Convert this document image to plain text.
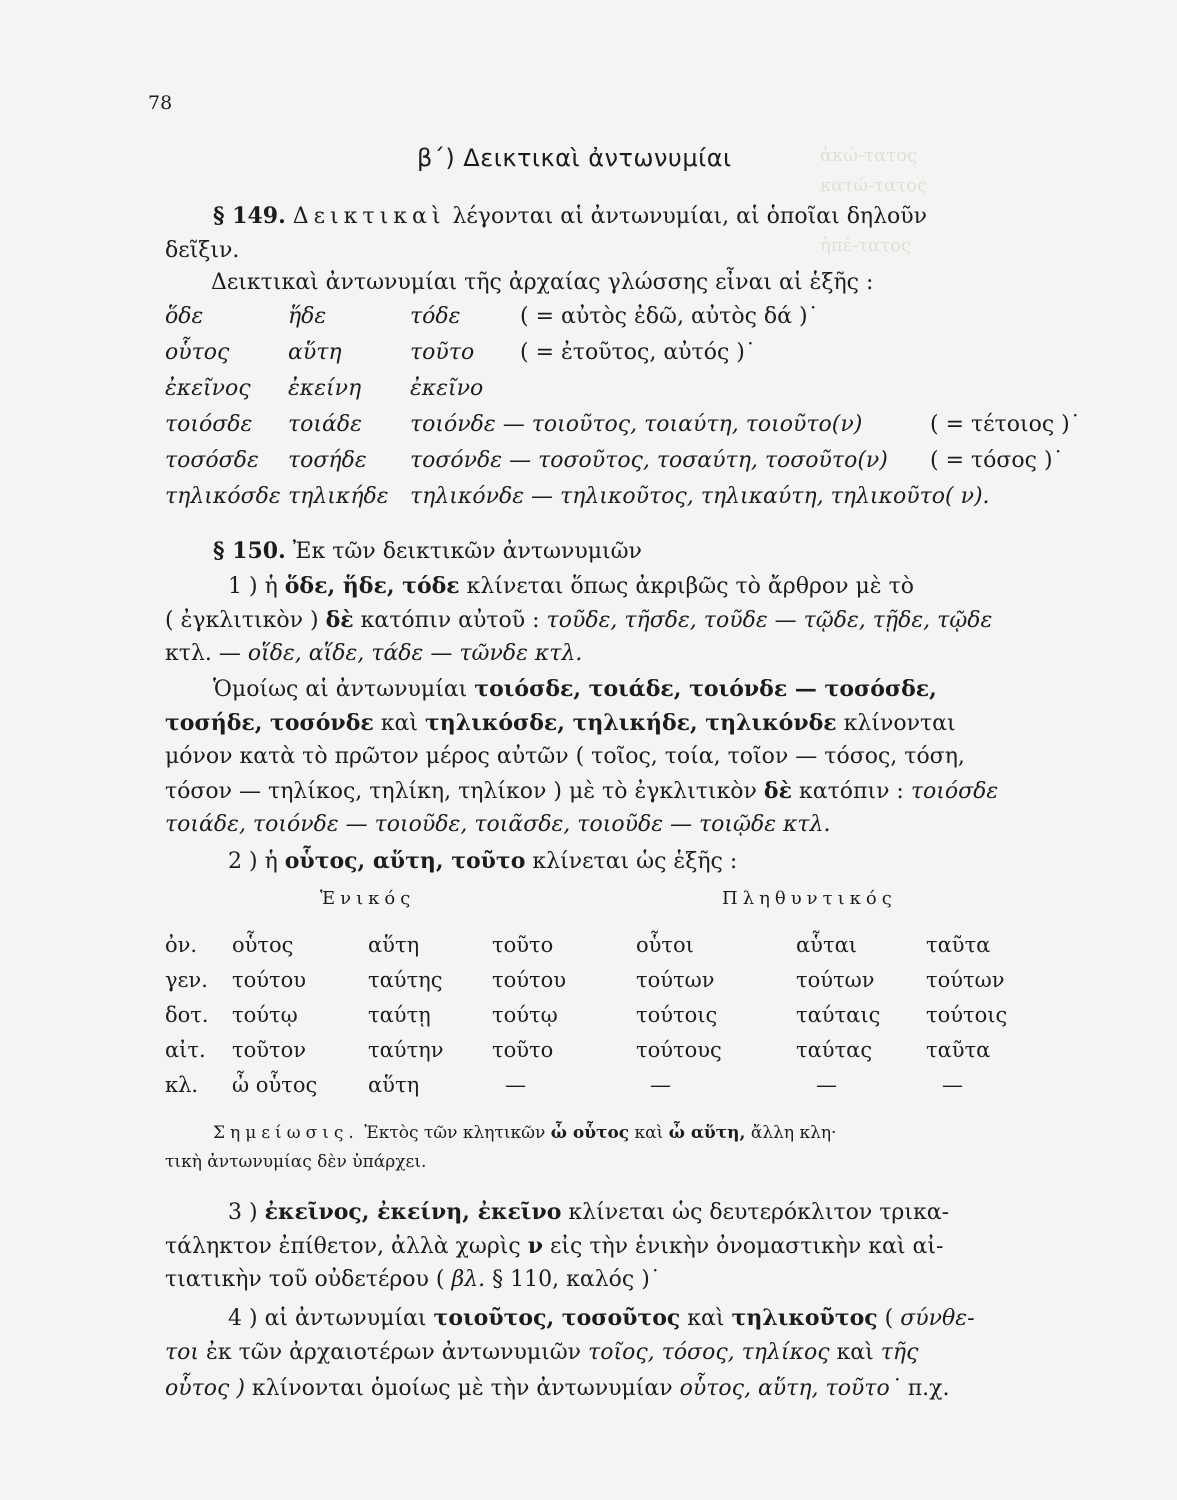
ἀκώ-τατος
κατώ-τατος
ἠπέ-τατος
78
β΄) Δεικτικαὶ ἀντωνυμίαι
§ 149. Δεικτικαὶ λέγονται αἱ ἀντωνυμίαι, αἱ ὁποῖαι δηλοῦν
δεῖξιν.
Δεικτικαὶ ἀντωνυμίαι τῆς ἀρχαίας γλώσσης εἶναι αἱ ἑξῆς :
ὅδε	ἥδε	τόδε	( = αὐτὸς ἐδῶ, αὐτὸς δά )˙
οὗτος	αὕτη	τοῦτο ( = ἐτοῦτος, αὐτός )˙
ἐκεῖνος ἐκείνη ἐκεῖνο
τοιόσδε τοιάδε τοιόνδε — τοιοῦτος, τοιαύτη, τοιοῦτο(ν)	( = τέτοιος )˙
τοσόσδε τοσήδε τοσόνδε — τοσοῦτος, τοσαύτη, τοσοῦτο(ν) ( = τόσος )˙
τηλικόσδε τηλικήδε τηλικόνδε — τηλικοῦτος, τηλικαύτη, τηλικοῦτο( ν).
§ 150. Ἐκ τῶν δεικτικῶν ἀντωνυμιῶν
1 ) ἡ ὅδε, ἥδε, τόδε κλίνεται ὅπως ἀκριβῶς τὸ ἄρθρον μὲ τὸ
( ἐγκλιτικὸν ) δὲ κατόπιν αὐτοῦ : τοῦδε, τῆσδε, τοῦδε — τῷδε, τῇδε, τῷδε
κτλ. — οἵδε, αἵδε, τάδε — τῶνδε κτλ.
Ὁμοίως αἱ ἀντωνυμίαι τοιόσδε, τοιάδε, τοιόνδε — τοσόσδε,
τοσήδε, τοσόνδε καὶ τηλικόσδε, τηλικήδε, τηλικόνδε κλίνονται
μόνον κατὰ τὸ πρῶτον μέρος αὐτῶν ( τοῖος, τοία, τοῖον — τόσος, τόση,
τόσον — τηλίκος, τηλίκη, τηλίκον ) μὲ τὸ ἐγκλιτικὸν δὲ κατόπιν : τοιόσδε
τοιάδε, τοιόνδε — τοιοῦδε, τοιᾶσδε, τοιοῦδε — τοιῷδε κτλ.
2 ) ἡ οὗτος, αὕτη, τοῦτο κλίνεται ὡς ἑξῆς :
Ἑνικός	Πληθυντικός
ὀν. οὗτος	αὕτη	τοῦτο	οὗτοι	αὗται	ταῦτα
γεν. τούτου	ταύτης τούτου	τούτων	τούτων τούτων
δοτ. τούτῳ	ταύτῃ	τούτῳ	τούτοις	ταύταις τούτοις
αἰτ. τοῦτον	ταύτην τοῦτο	τούτους	ταύτας	ταῦτα
κλ. ὦ οὗτος αὕτη	—	—	—	—
Σημείωσις. Ἐκτὸς τῶν κλητικῶν ὦ οὗτος καὶ ὦ αὕτη, ἄλλη κλη·
τικὴ ἀντωνυμίας δὲν ὑπάρχει.
3 ) ἐκεῖνος, ἐκείνη, ἐκεῖνο κλίνεται ὡς δευτερόκλιτον τρικα-
τάληκτον ἐπίθετον, ἀλλὰ χωρὶς ν εἰς τὴν ἑνικὴν ὀνομαστικὴν καὶ αἰ-
τιατικὴν τοῦ οὐδετέρου ( βλ. § 110, καλός )˙
4 ) αἱ ἀντωνυμίαι τοιοῦτος, τοσοῦτος καὶ τηλικοῦτος ( σύνθε-
τοι ἐκ τῶν ἀρχαιοτέρων ἀντωνυμιῶν τοῖος, τόσος, τηλίκος καὶ τῆς
οὗτος ) κλίνονται ὁμοίως μὲ τὴν ἀντωνυμίαν οὗτος, αὕτη, τοῦτο˙ π.χ.
